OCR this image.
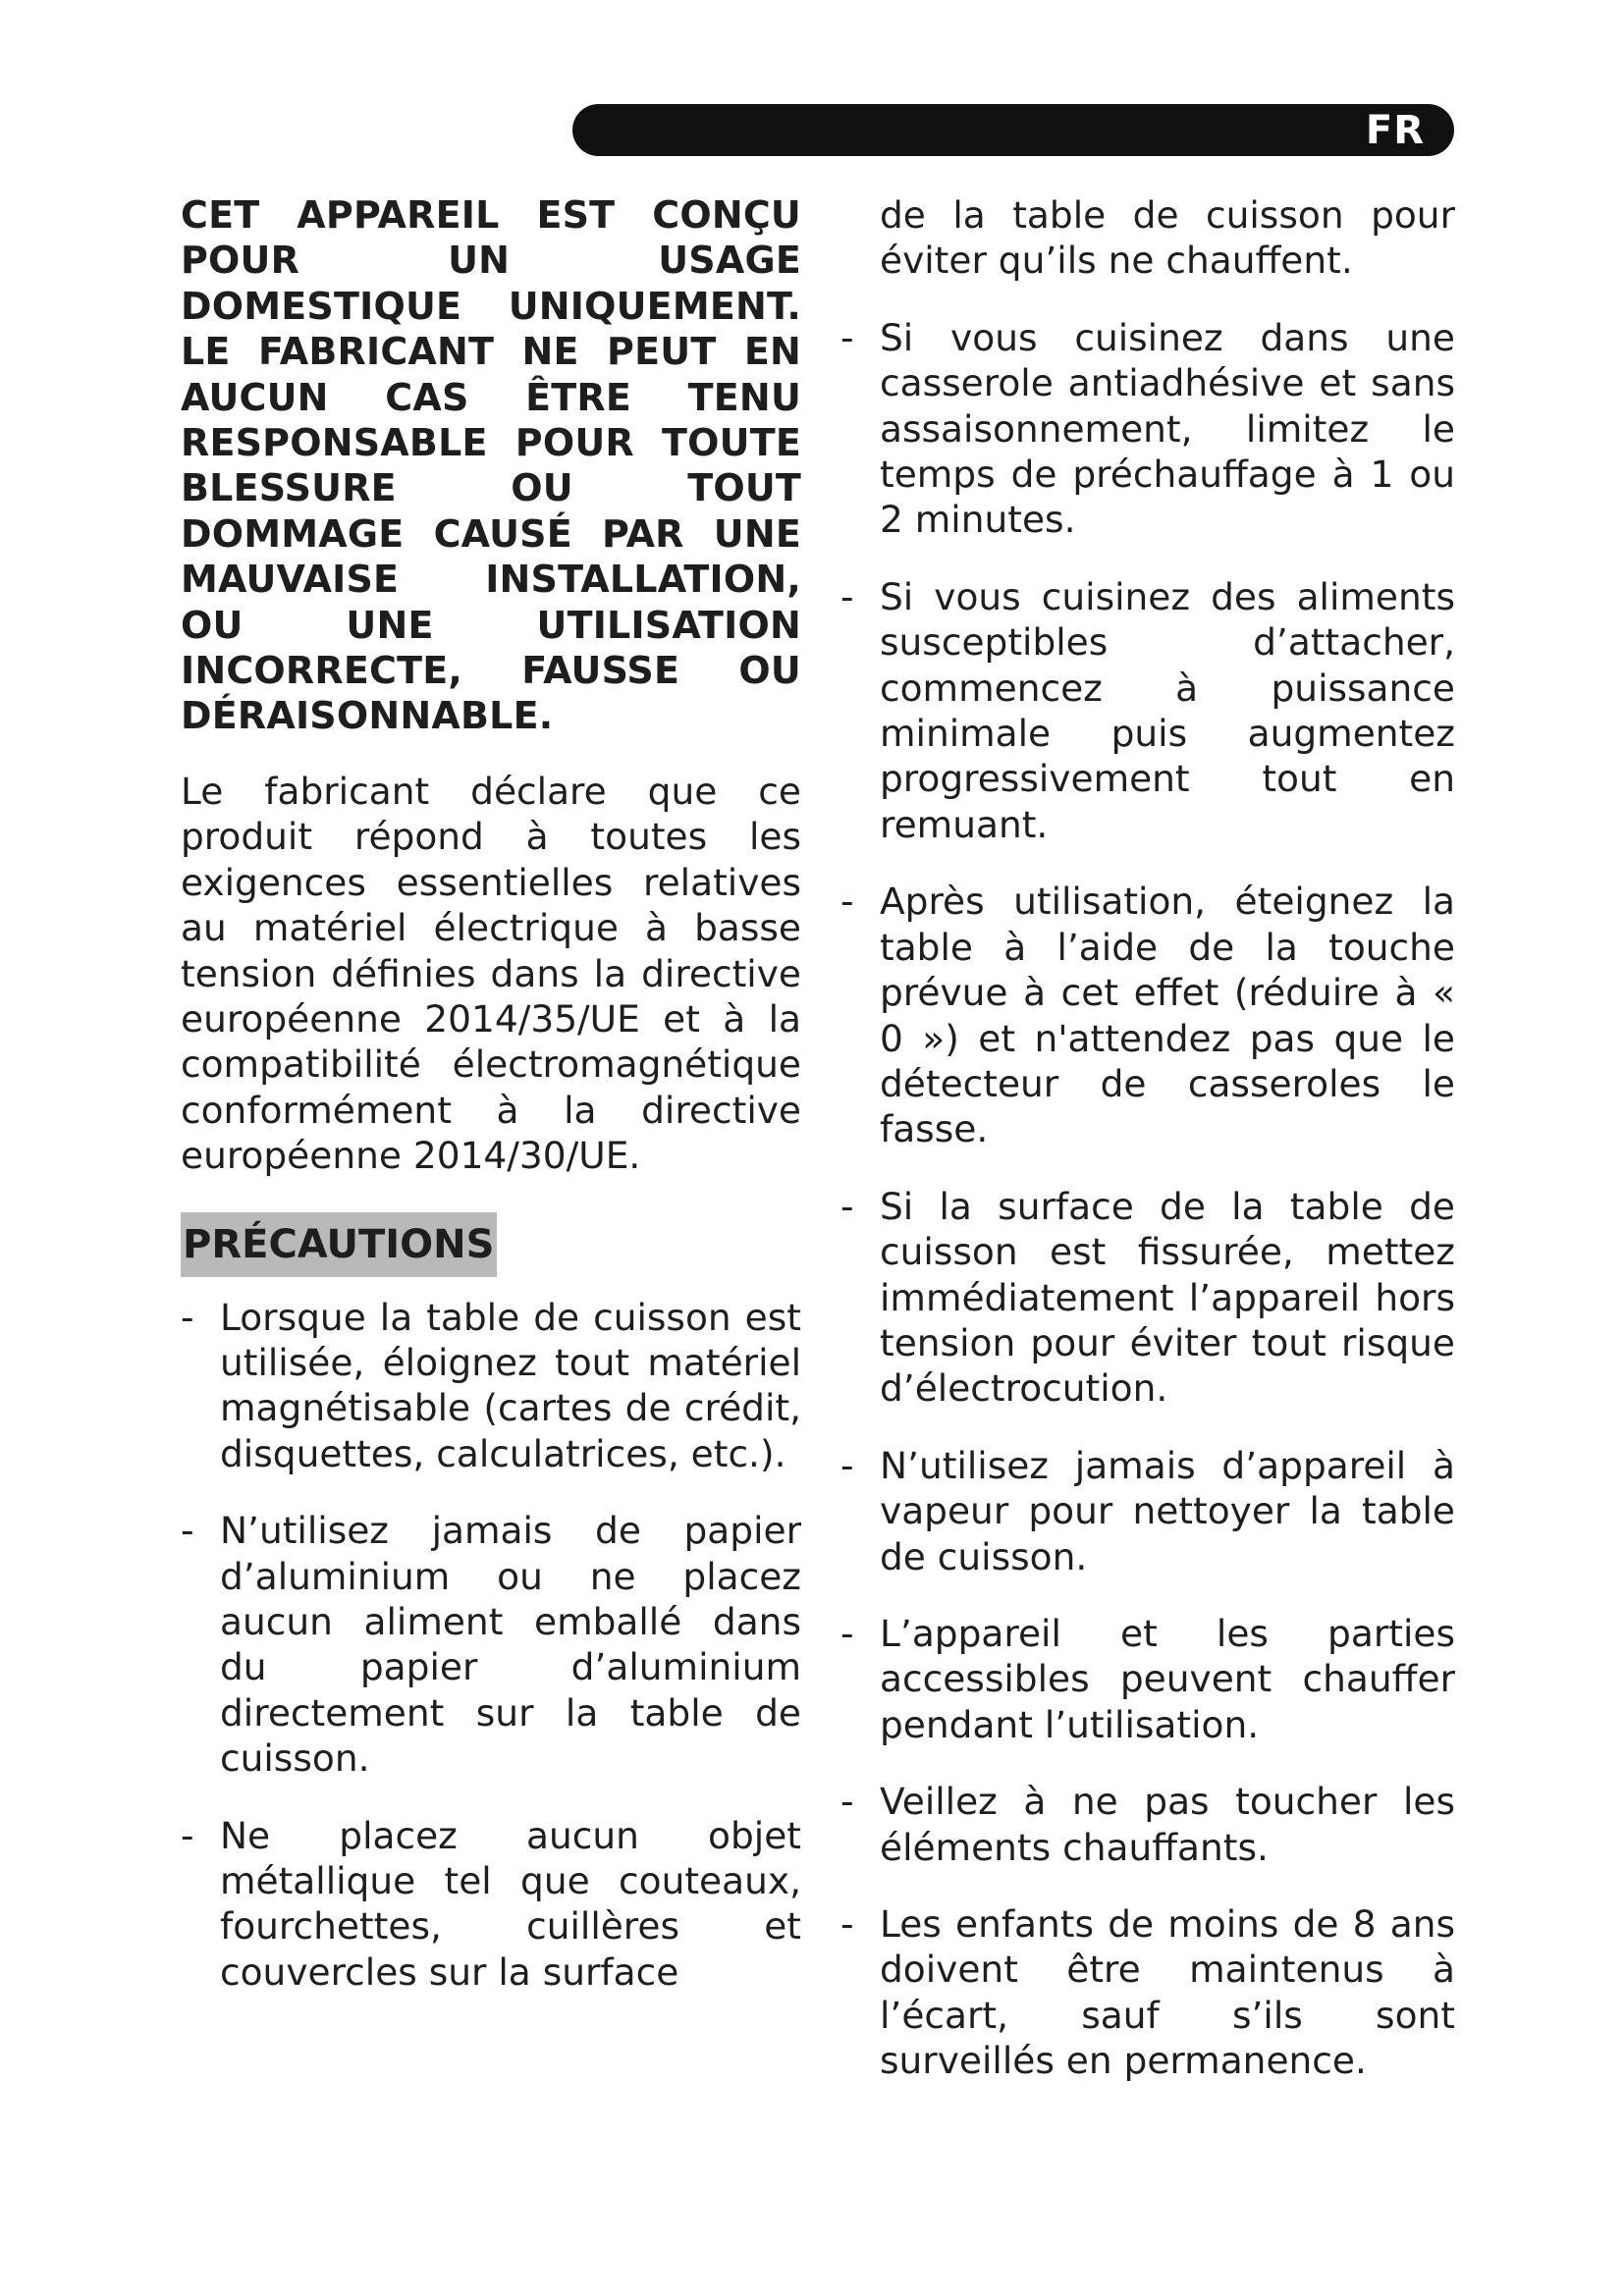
FR

CET APPAREIL EST CONÇU POUR UN USAGE DOMESTIQUE UNIQUEMENT. LE FABRICANT NE PEUT EN AUCUN CAS ÊTRE TENU RESPONSABLE POUR TOUTE BLESSURE OU TOUT DOMMAGE CAUSÉ PAR UNE MAUVAISE INSTALLATION, OU UNE UTILISATION INCORRECTE, FAUSSE OU DÉRAISONNABLE.

Le fabricant déclare que ce produit répond à toutes les exigences essentielles relatives au matériel électrique à basse tension définies dans la directive européenne 2014/35/UE et à la compatibilité électromagnétique conformément à la directive européenne 2014/30/UE.

PRÉCAUTIONS
- Lorsque la table de cuisson est utilisée, éloignez tout matériel magnétisable (cartes de crédit, disquettes, calculatrices, etc.).
- N’utilisez jamais de papier d’aluminium ou ne placez aucun aliment emballé dans du papier d’aluminium directement sur la table de cuisson.
- Ne placez aucun objet métallique tel que couteaux, fourchettes, cuillères et couvercles sur la surface
de la table de cuisson pour éviter qu’ils ne chauffent.
- Si vous cuisinez dans une casserole antiadhésive et sans assaisonnement, limitez le temps de préchauffage à 1 ou 2 minutes.
- Si vous cuisinez des aliments susceptibles d’attacher, commencez à puissance minimale puis augmentez progressivement tout en remuant.
- Après utilisation, éteignez la table à l’aide de la touche prévue à cet effet (réduire à « 0 ») et n'attendez pas que le détecteur de casseroles le fasse.
- Si la surface de la table de cuisson est fissurée, mettez immédiatement l’appareil hors tension pour éviter tout risque d’électrocution.
- N’utilisez jamais d’appareil à vapeur pour nettoyer la table de cuisson.
- L’appareil et les parties accessibles peuvent chauffer pendant l’utilisation.
- Veillez à ne pas toucher les éléments chauffants.
- Les enfants de moins de 8 ans doivent être maintenus à l’écart, sauf s’ils sont surveillés en permanence.
